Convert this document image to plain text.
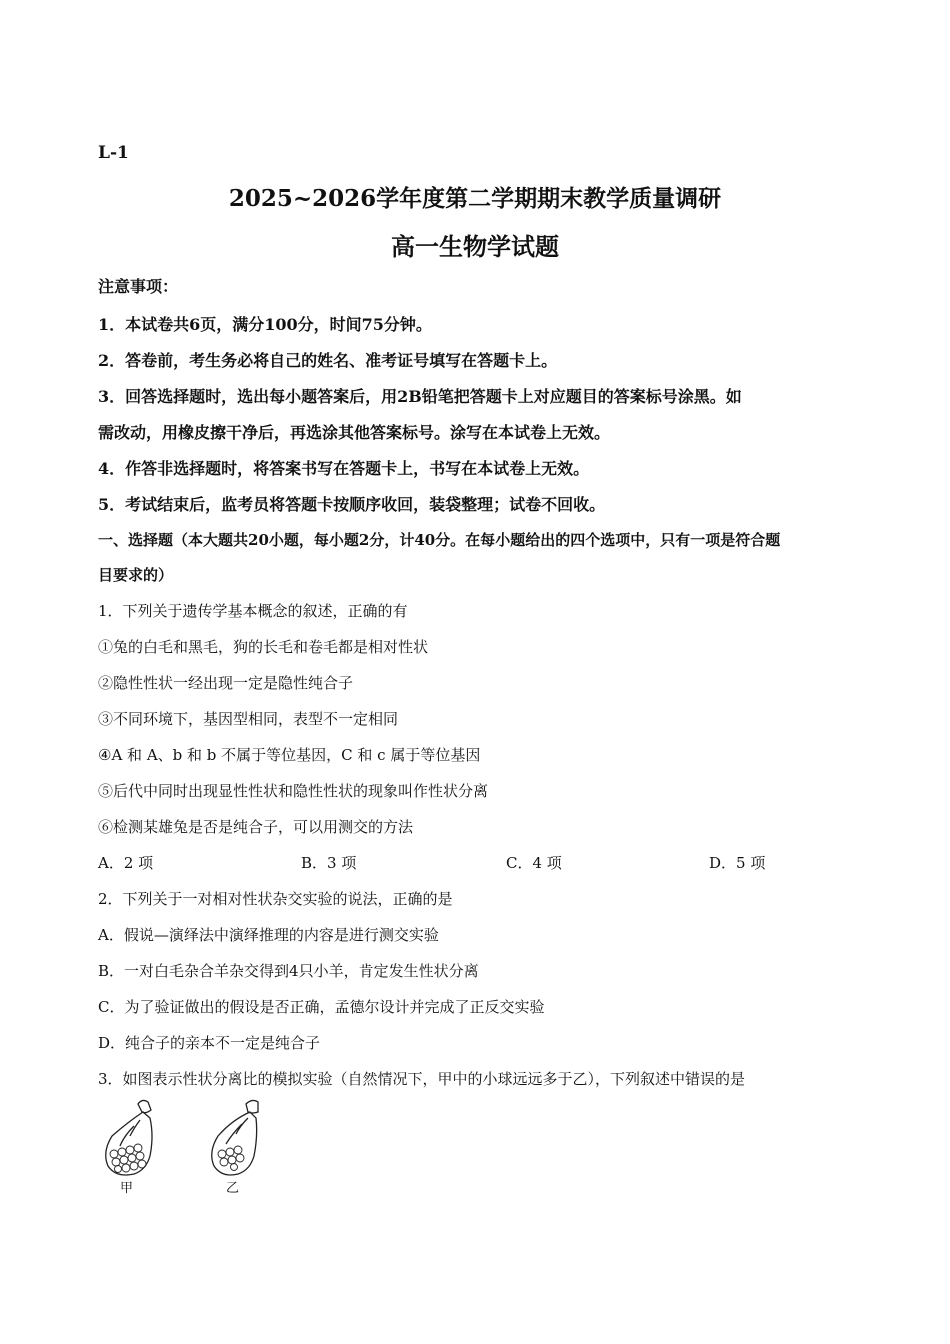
L-1
2025~2026学年度第二学期期末教学质量调研
高一生物学试题
注意事项：
1．本试卷共6页，满分100分，时间75分钟。
2．答卷前，考生务必将自己的姓名、准考证号填写在答题卡上。
3．回答选择题时，选出每小题答案后，用2B铅笔把答题卡上对应题目的答案标号涂黑。如
需改动，用橡皮擦干净后，再选涂其他答案标号。涂写在本试卷上无效。
4．作答非选择题时，将答案书写在答题卡上，书写在本试卷上无效。
5．考试结束后，监考员将答题卡按顺序收回，装袋整理；试卷不回收。
一、选择题（本大题共20小题，每小题2分，计40分。在每小题给出的四个选项中，只有一项是符合题
目要求的）
1．下列关于遗传学基本概念的叙述，正确的有
①兔的白毛和黑毛，狗的长毛和卷毛都是相对性状
②隐性性状一经出现一定是隐性纯合子
③不同环境下，基因型相同，表型不一定相同
④A 和 A、b 和 b 不属于等位基因，C 和 c 属于等位基因
⑤后代中同时出现显性性状和隐性性状的现象叫作性状分离
⑥检测某雄兔是否是纯合子，可以用测交的方法
A．2 项	B．3 项	C．4 项	D．5 项
2．下列关于一对相对性状杂交实验的说法，正确的是
A．假说—演绎法中演绎推理的内容是进行测交实验
B．一对白毛杂合羊杂交得到4只小羊，肯定发生性状分离
C．为了验证做出的假设是否正确，孟德尔设计并完成了正反交实验
D．纯合子的亲本不一定是纯合子
3．如图表示性状分离比的模拟实验（自然情况下，甲中的小球远远多于乙），下列叙述中错误的是
甲	乙
